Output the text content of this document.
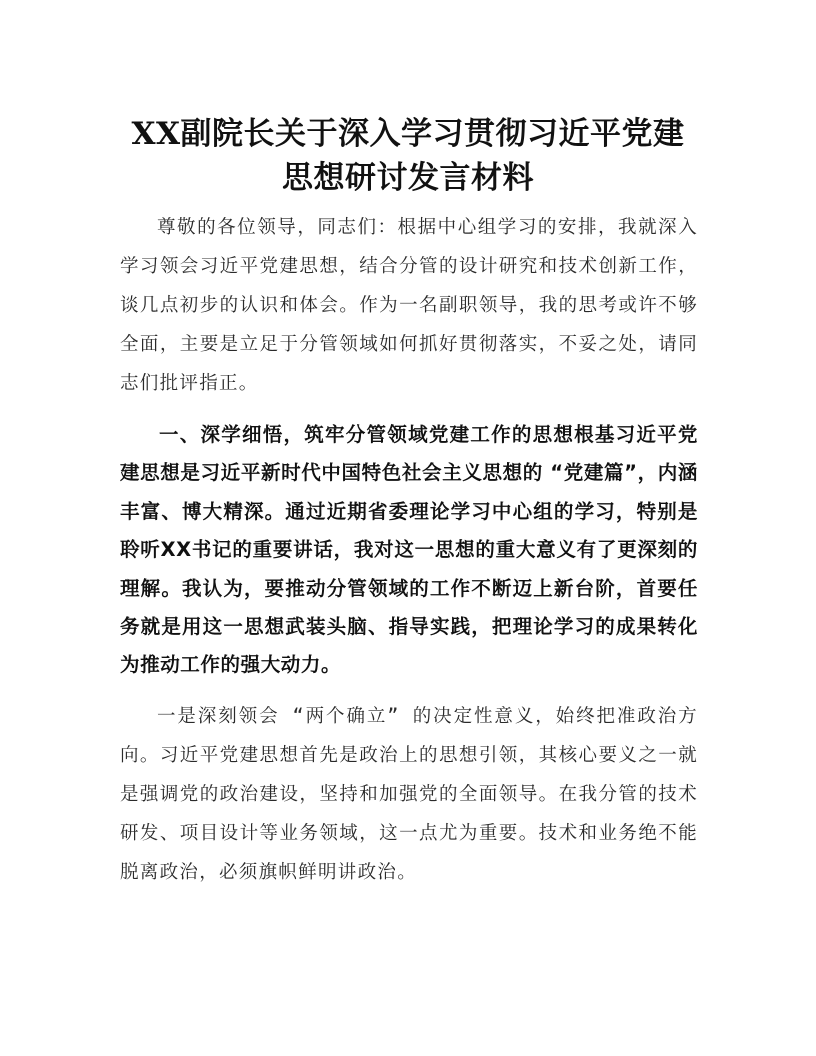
XX副院长关于深入学习贯彻习近平党建思想研讨发言材料

尊敬的各位领导，同志们：根据中心组学习的安排，我就深入学习领会习近平党建思想，结合分管的设计研究和技术创新工作，谈几点初步的认识和体会。作为一名副职领导，我的思考或许不够全面，主要是立足于分管领域如何抓好贯彻落实，不妥之处，请同志们批评指正。

一、深学细悟，筑牢分管领域党建工作的思想根基习近平党建思想是习近平新时代中国特色社会主义思想的 “党建篇”，内涵丰富、博大精深。通过近期省委理论学习中心组的学习，特别是聆听XX书记的重要讲话，我对这一思想的重大意义有了更深刻的理解。我认为，要推动分管领域的工作不断迈上新台阶，首要任务就是用这一思想武装头脑、指导实践，把理论学习的成果转化为推动工作的强大动力。

一是深刻领会 “两个确立” 的决定性意义，始终把准政治方向。习近平党建思想首先是政治上的思想引领，其核心要义之一就是强调党的政治建设，坚持和加强党的全面领导。在我分管的技术研发、项目设计等业务领域，这一点尤为重要。技术和业务绝不能脱离政治，必须旗帜鲜明讲政治。
